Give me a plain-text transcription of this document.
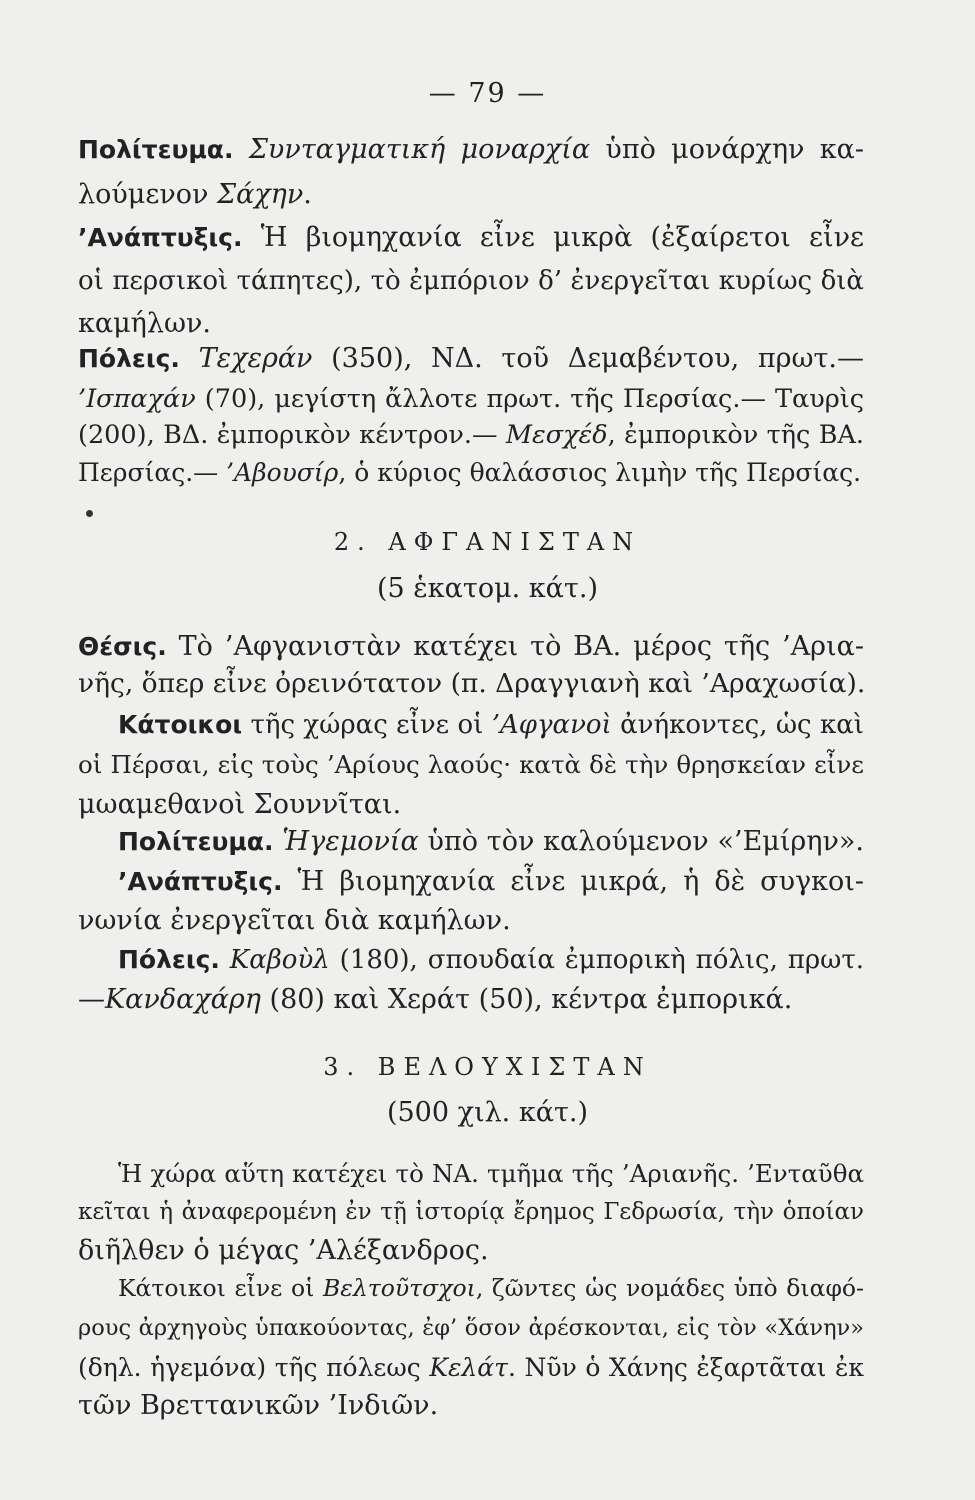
— 79 —
Πολίτευμα. Συνταγματική μοναρχία ὑπὸ μονάρχην κα-
λούμενον Σάχην.
’Ανάπτυξις. Ἡ βιομηχανία εἶνε μικρὰ (ἐξαίρετοι εἶνε
οἱ περσικοὶ τάπητες), τὸ ἐμπόριον δ’ ἐνεργεῖται κυρίως διὰ
καμήλων.
Πόλεις. Τεχεράν (350), ΝΔ. τοῦ Δεμαβέντου, πρωτ.—
’Ισπαχάν (70), μεγίστη ἄλλοτε πρωτ. τῆς Περσίας.— Ταυρὶς
(200), ΒΔ. ἐμπορικὸν κέντρον.— Μεσχέδ, ἐμπορικὸν τῆς ΒΑ.
Περσίας.— ’Αβουσίρ, ὁ κύριος θαλάσσιος λιμὴν τῆς Περσίας.
2. ΑΦΓΑΝΙΣΤΑΝ
(5 ἑκατομ. κάτ.)
Θέσις. Τὸ ’Αφγανιστὰν κατέχει τὸ ΒΑ. μέρος τῆς ’Αρια-
νῆς, ὅπερ εἶνε ὀρεινότατον (π. Δραγγιανὴ καὶ ’Αραχωσία).
Κάτοικοι τῆς χώρας εἶνε οἱ ’Αφγανοὶ ἀνήκοντες, ὡς καὶ
οἱ Πέρσαι, εἰς τοὺς ’Αρίους λαούς· κατὰ δὲ τὴν θρησκείαν εἶνε
μωαμεθανοὶ Σουννῖται.
Πολίτευμα. Ἡγεμονία ὑπὸ τὸν καλούμενον «’Εμίρην».
’Ανάπτυξις. Ἡ βιομηχανία εἶνε μικρά, ἡ δὲ συγκοι-
νωνία ἐνεργεῖται διὰ καμήλων.
Πόλεις. Καβοὺλ (180), σπουδαία ἐμπορικὴ πόλις, πρωτ.
—Κανδαχάρη (80) καὶ Χεράτ (50), κέντρα ἐμπορικά.
3. ΒΕΛΟΥΧΙΣΤΑΝ
(500 χιλ. κάτ.)
Ἡ χώρα αὕτη κατέχει τὸ ΝΑ. τμῆμα τῆς ’Αριανῆς. ’Ενταῦθα
κεῖται ἡ ἀναφερομένη ἐν τῇ ἱστορίᾳ ἔρημος Γεδρωσία, τὴν ὁποίαν
διῆλθεν ὁ μέγας ’Αλέξανδρος.
Κάτοικοι εἶνε οἱ Βελτοῦτσχοι, ζῶντες ὡς νομάδες ὑπὸ διαφό-
ρους ἀρχηγοὺς ὑπακούοντας, ἐφ’ ὅσον ἀρέσκονται, εἰς τὸν «Χάνην»
(δηλ. ἡγεμόνα) τῆς πόλεως Κελάτ. Νῦν ὁ Χάνης ἐξαρτᾶται ἐκ
τῶν Βρεττανικῶν ’Ινδιῶν.
